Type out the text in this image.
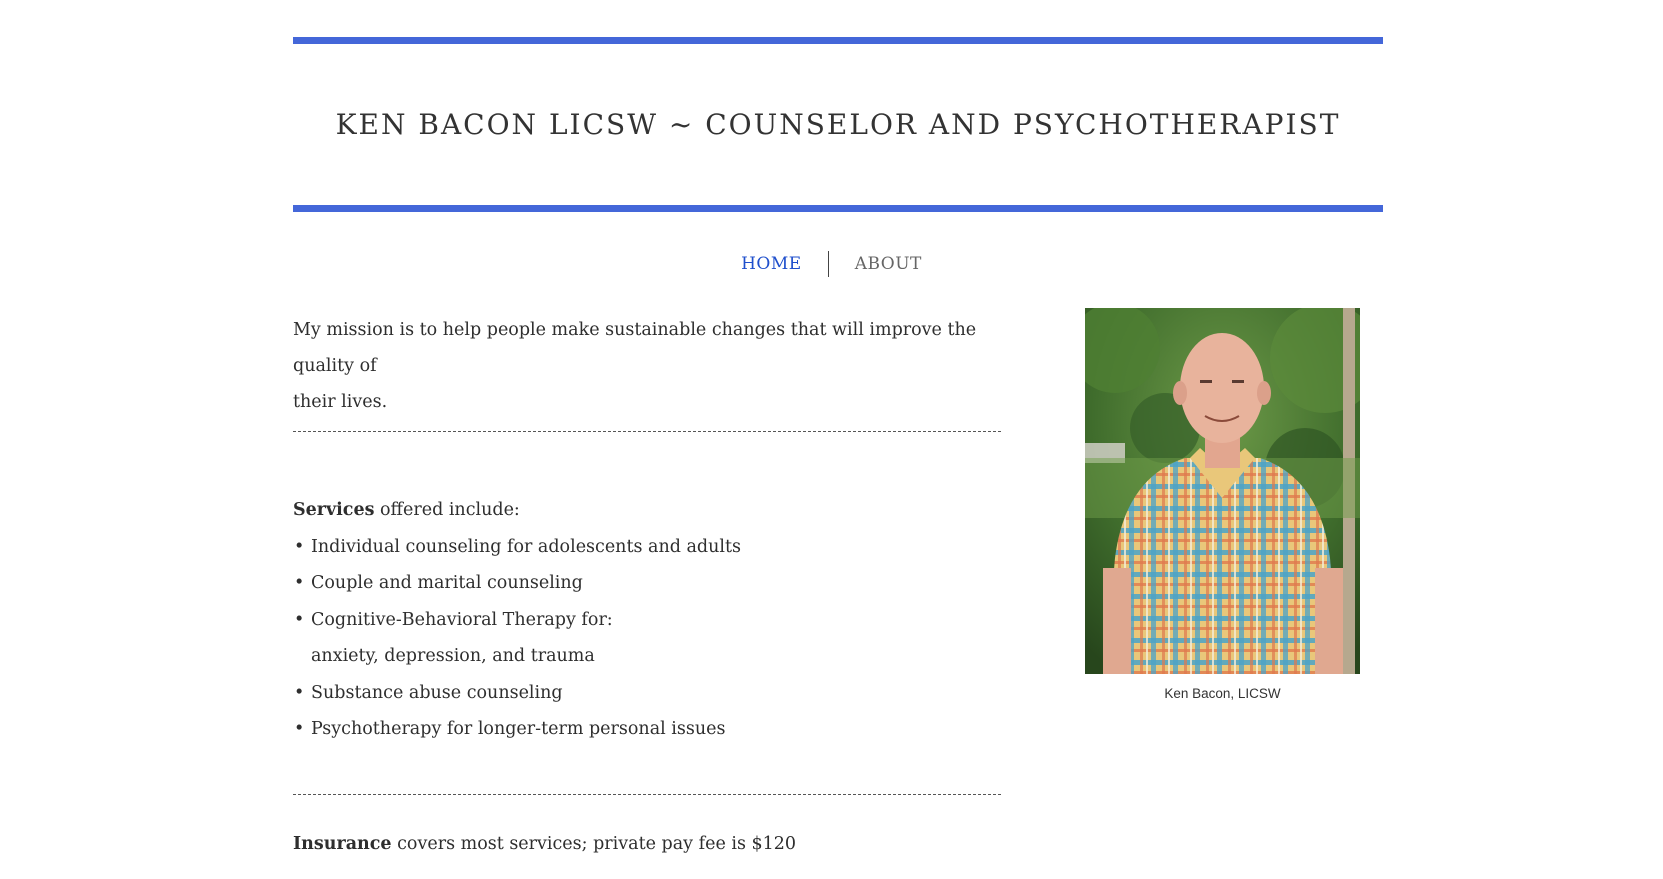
KEN BACON LICSW ~ COUNSELOR AND PSYCHOTHERAPIST
HOME	ABOUT

My mission is to help people make sustainable changes that will improve the quality of
their lives.

Services offered include:
• Individual counseling for adolescents and adults
• Couple and marital counseling
• Cognitive-Behavioral Therapy for:
anxiety, depression, and trauma
• Substance abuse counseling
• Psychotherapy for longer-term personal issues
Insurance covers most services; private pay fee is $120
Ken Bacon, LICSW
